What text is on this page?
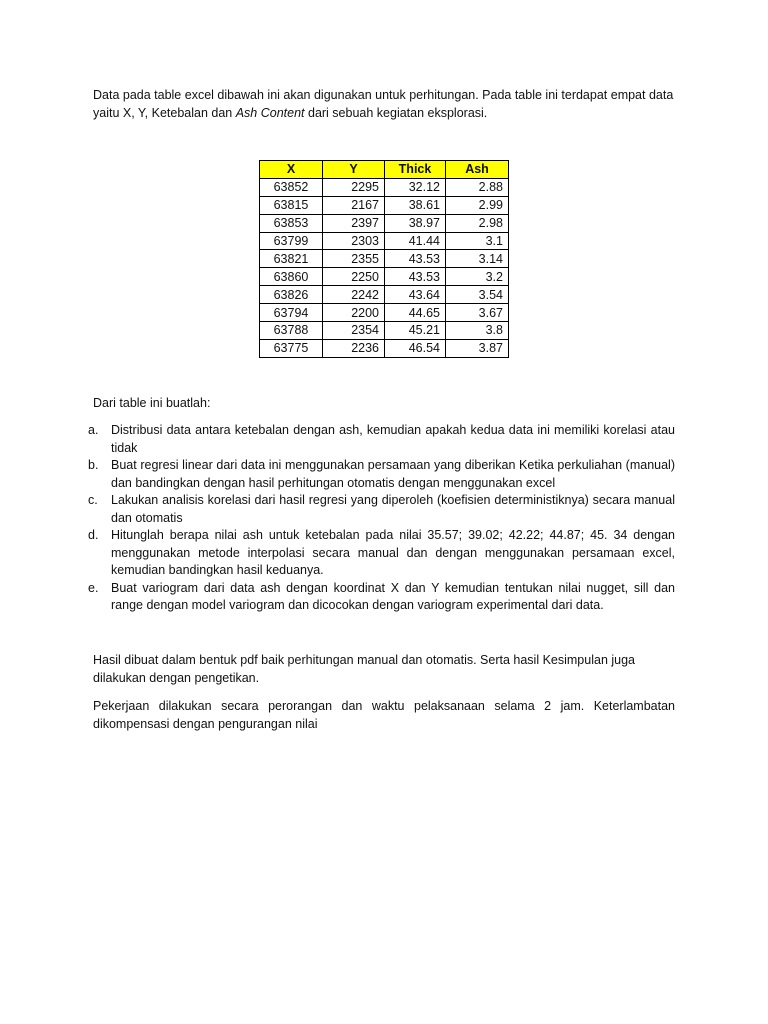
Data pada table excel dibawah ini akan digunakan untuk perhitungan. Pada table ini terdapat empat data yaitu X, Y, Ketebalan dan Ash Content dari sebuah kegiatan eksplorasi.

X	Y	Thick	Ash
63852	2295	32.12	2.88
63815	2167	38.61	2.99
63853	2397	38.97	2.98
63799	2303	41.44	3.1
63821	2355	43.53	3.14
63860	2250	43.53	3.2
63826	2242	43.64	3.54
63794	2200	44.65	3.67
63788	2354	45.21	3.8
63775	2236	46.54	3.87

Dari table ini buatlah:

a. Distribusi data antara ketebalan dengan ash, kemudian apakah kedua data ini memiliki korelasi atau tidak
b. Buat regresi linear dari data ini menggunakan persamaan yang diberikan Ketika perkuliahan (manual) dan bandingkan dengan hasil perhitungan otomatis dengan menggunakan excel
c. Lakukan analisis korelasi dari hasil regresi yang diperoleh (koefisien deterministiknya) secara manual dan otomatis
d. Hitunglah berapa nilai ash untuk ketebalan pada nilai 35.57; 39.02; 42.22; 44.87; 45. 34 dengan menggunakan metode interpolasi secara manual dan dengan menggunakan persamaan excel, kemudian bandingkan hasil keduanya.
e. Buat variogram dari data ash dengan koordinat X dan Y kemudian tentukan nilai nugget, sill dan range dengan model variogram dan dicocokan dengan variogram experimental dari data.

Hasil dibuat dalam bentuk pdf baik perhitungan manual dan otomatis. Serta hasil Kesimpulan juga dilakukan dengan pengetikan.

Pekerjaan dilakukan secara perorangan dan waktu pelaksanaan selama 2 jam. Keterlambatan dikompensasi dengan pengurangan nilai
